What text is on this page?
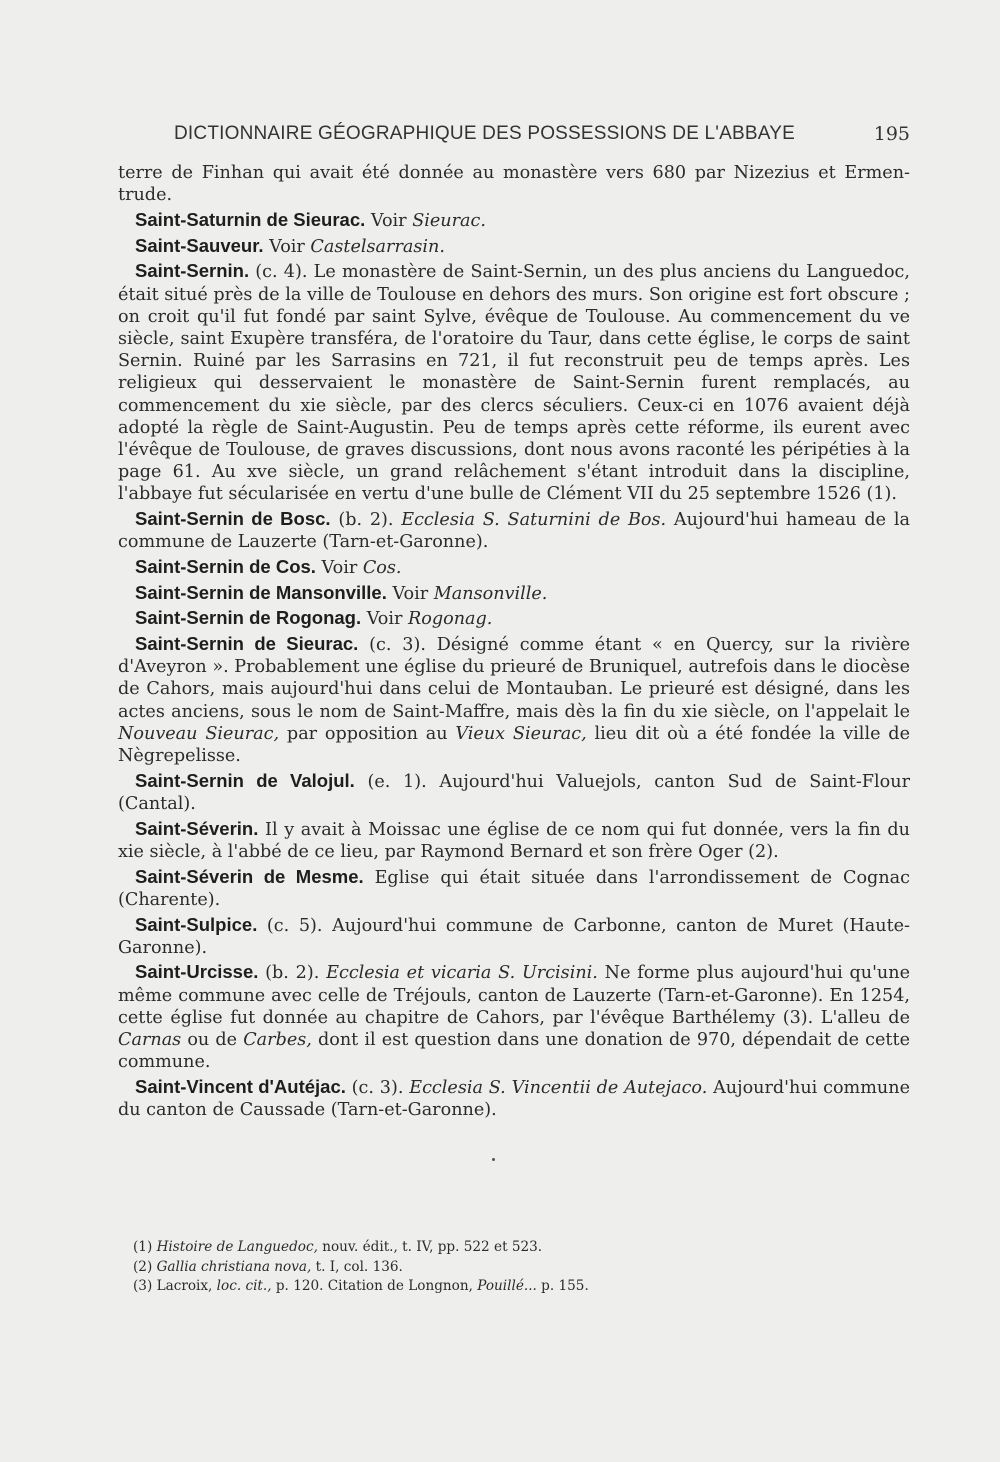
DICTIONNAIRE GÉOGRAPHIQUE DES POSSESSIONS DE L'ABBAYE	195

terre de Finhan qui avait été donnée au monastère vers 680 par Nizezius et Ermen-trude.

Saint-Saturnin de Sieurac. Voir Sieurac.

Saint-Sauveur. Voir Castelsarrasin.

Saint-Sernin. (c. 4). Le monastère de Saint-Sernin, un des plus anciens du Languedoc, était situé près de la ville de Toulouse en dehors des murs. Son origine est fort obscure ; on croit qu'il fut fondé par saint Sylve, évêque de Toulouse. Au commencement du ve siècle, saint Exupère transféra, de l'oratoire du Taur, dans cette église, le corps de saint Sernin. Ruiné par les Sarrasins en 721, il fut reconstruit peu de temps après. Les religieux qui desservaient le monastère de Saint-Sernin furent remplacés, au commencement du xie siècle, par des clercs séculiers. Ceux-ci en 1076 avaient déjà adopté la règle de Saint-Augustin. Peu de temps après cette réforme, ils eurent avec l'évêque de Toulouse, de graves discussions, dont nous avons raconté les péripéties à la page 61. Au xve siècle, un grand relâchement s'étant introduit dans la discipline, l'abbaye fut sécularisée en vertu d'une bulle de Clément VII du 25 septembre 1526 (1).

Saint-Sernin de Bosc. (b. 2). Ecclesia S. Saturnini de Bos. Aujourd'hui hameau de la commune de Lauzerte (Tarn-et-Garonne).

Saint-Sernin de Cos. Voir Cos.

Saint-Sernin de Mansonville. Voir Mansonville.

Saint-Sernin de Rogonag. Voir Rogonag.

Saint-Sernin de Sieurac. (c. 3). Désigné comme étant « en Quercy, sur la rivière d'Aveyron ». Probablement une église du prieuré de Bruniquel, autrefois dans le diocèse de Cahors, mais aujourd'hui dans celui de Montauban. Le prieuré est désigné, dans les actes anciens, sous le nom de Saint-Maffre, mais dès la fin du xie siècle, on l'appelait le Nouveau Sieurac, par opposition au Vieux Sieurac, lieu dit où a été fondée la ville de Nègrepelisse.

Saint-Sernin de Valojul. (e. 1). Aujourd'hui Valuejols, canton Sud de Saint-Flour (Cantal).

Saint-Séverin. Il y avait à Moissac une église de ce nom qui fut donnée, vers la fin du xie siècle, à l'abbé de ce lieu, par Raymond Bernard et son frère Oger (2).

Saint-Séverin de Mesme. Eglise qui était située dans l'arrondissement de Cognac (Charente).

Saint-Sulpice. (c. 5). Aujourd'hui commune de Carbonne, canton de Muret (Haute-Garonne).

Saint-Urcisse. (b. 2). Ecclesia et vicaria S. Urcisini. Ne forme plus aujourd'hui qu'une même commune avec celle de Tréjouls, canton de Lauzerte (Tarn-et-Garonne). En 1254, cette église fut donnée au chapitre de Cahors, par l'évêque Barthélemy (3). L'alleu de Carnas ou de Carbes, dont il est question dans une donation de 970, dépendait de cette commune.

Saint-Vincent d'Autéjac. (c. 3). Ecclesia S. Vincentii de Autejaco. Aujourd'hui commune du canton de Caussade (Tarn-et-Garonne).

(1) Histoire de Languedoc, nouv. édit., t. IV, pp. 522 et 523.

(2) Gallia christiana nova, t. I, col. 136.

(3) Lacroix, loc. cit., p. 120. Citation de Longnon, Pouillé... p. 155.
